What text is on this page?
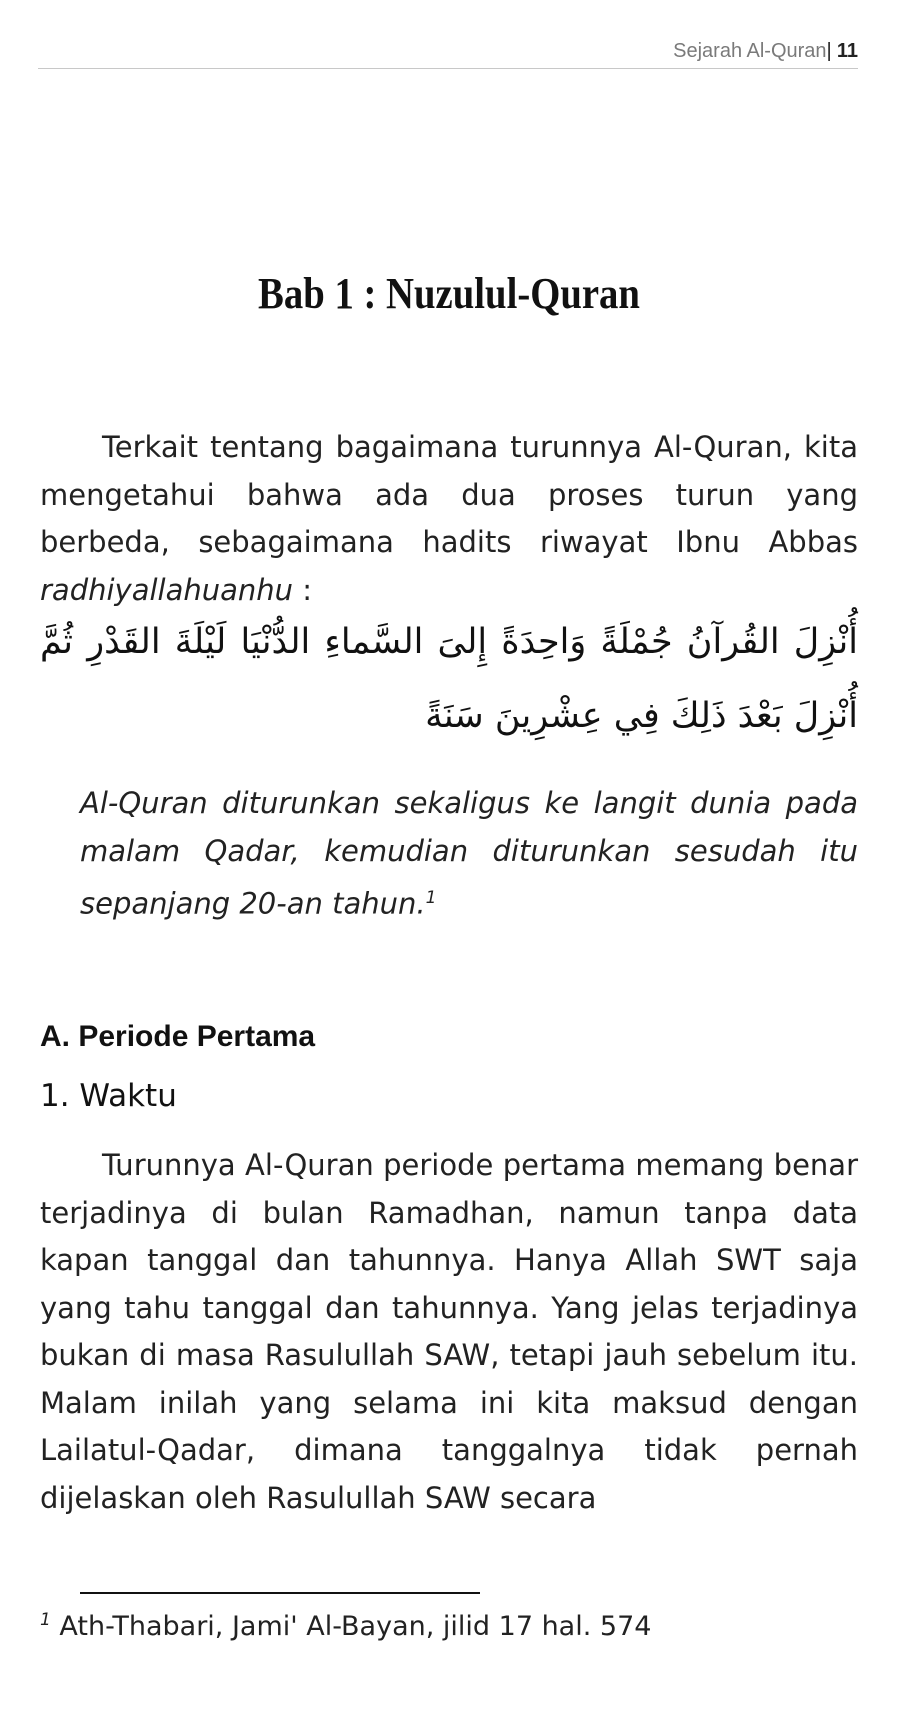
Sejarah Al-Quran| 11
Bab 1 : Nuzulul-Quran
Terkait tentang bagaimana turunnya Al-Quran, kita mengetahui bahwa ada dua proses turun yang berbeda, sebagaimana hadits riwayat Ibnu Abbas radhiyallahuanhu :
أُنْزِلَ القُرآنُ جُمْلَةً وَاحِدَةً إِلىَ السَّماءِ الدُّنْيَا لَيْلَةَ القَدْرِ ثُمَّ أُنْزِلَ بَعْدَ ذَلِكَ فِي عِشْرِينَ سَنَةً
Al-Quran diturunkan sekaligus ke langit dunia pada malam Qadar, kemudian diturunkan sesudah itu sepanjang 20-an tahun.$^1$
A. Periode Pertama
1. Waktu
Turunnya Al-Quran periode pertama memang benar terjadinya di bulan Ramadhan, namun tanpa data kapan tanggal dan tahunnya. Hanya Allah SWT saja yang tahu tanggal dan tahunnya. Yang jelas terjadinya bukan di masa Rasulullah SAW, tetapi jauh sebelum itu. Malam inilah yang selama ini kita maksud dengan Lailatul-Qadar, dimana tanggalnya tidak pernah dijelaskan oleh Rasulullah SAW secara
$^1$ Ath-Thabari, Jami' Al-Bayan, jilid 17 hal. 574
